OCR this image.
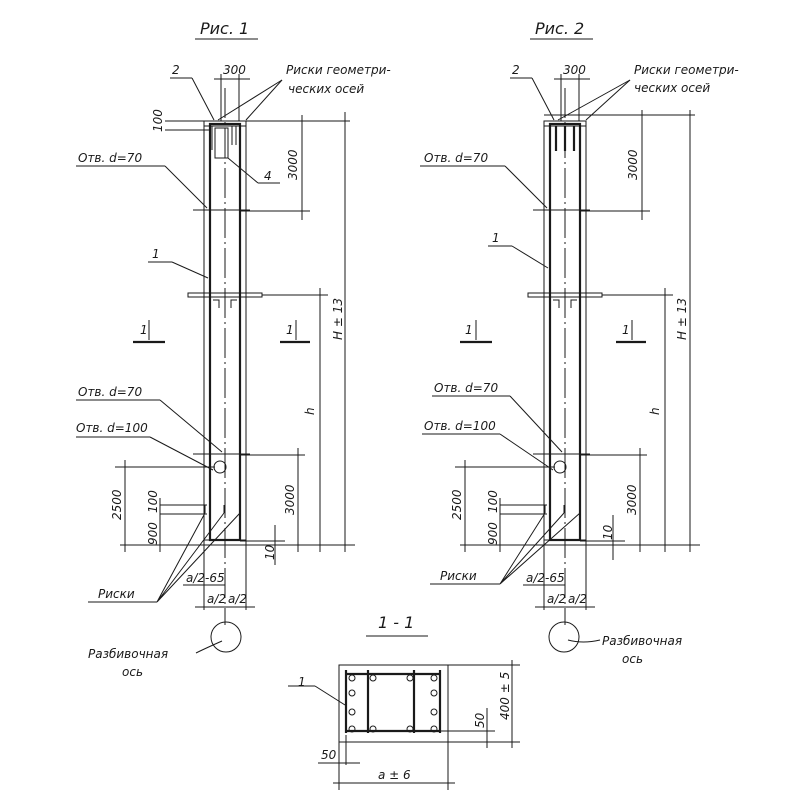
Рис. 1
2	300	Риски геометри-
ческих осей
100
4 3000
Отв. d=70
1
1	1	H ± 13
h
Отв. d=70
Отв. d=100
2500
900
100	3000
10
Риски
a/2-65
a/2 a/2
Разбивочная
ось
Рис. 2
2	300	Риски геометри-
ческих осей
3000
Отв. d=70
1
1	1	H ± 13
h
Отв. d=70
Отв. d=100
2500
900
100	3000
10
Риски	a/2-65
a/2 a/2
Разбивочная
ось
1 - 1
1	400 ± 5
50
50
a ± 6
